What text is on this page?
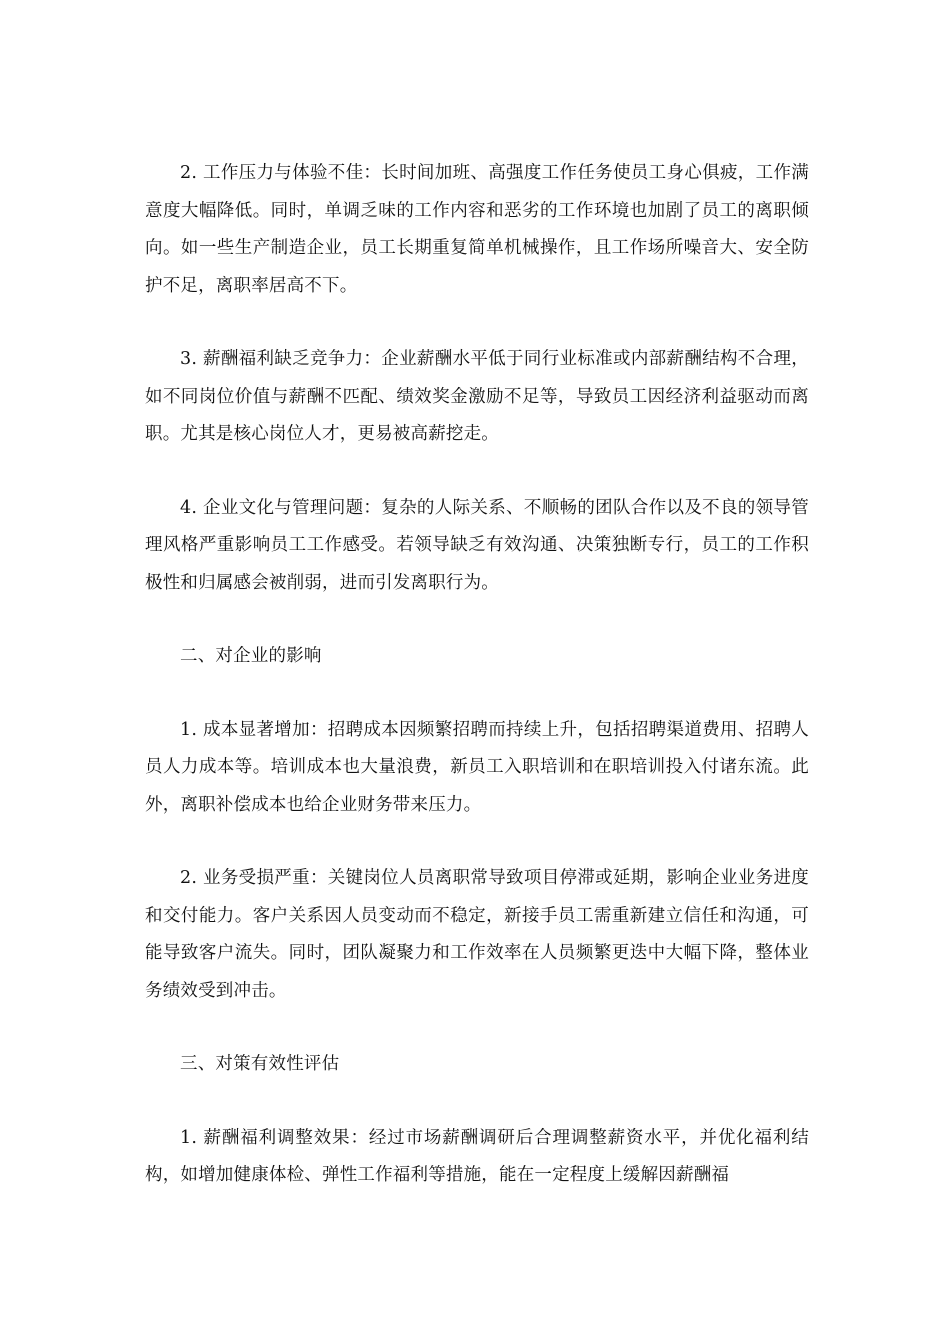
2. 工作压力与体验不佳：长时间加班、高强度工作任务使员工身心俱疲，工作满意度大幅降低。同时，单调乏味的工作内容和恶劣的工作环境也加剧了员工的离职倾向。如一些生产制造企业，员工长期重复简单机械操作，且工作场所噪音大、安全防护不足，离职率居高不下。

3. 薪酬福利缺乏竞争力：企业薪酬水平低于同行业标准或内部薪酬结构不合理，如不同岗位价值与薪酬不匹配、绩效奖金激励不足等，导致员工因经济利益驱动而离职。尤其是核心岗位人才，更易被高薪挖走。

4. 企业文化与管理问题：复杂的人际关系、不顺畅的团队合作以及不良的领导管理风格严重影响员工工作感受。若领导缺乏有效沟通、决策独断专行，员工的工作积极性和归属感会被削弱，进而引发离职行为。

二、对企业的影响

1. 成本显著增加：招聘成本因频繁招聘而持续上升，包括招聘渠道费用、招聘人员人力成本等。培训成本也大量浪费，新员工入职培训和在职培训投入付诸东流。此外，离职补偿成本也给企业财务带来压力。

2. 业务受损严重：关键岗位人员离职常导致项目停滞或延期，影响企业业务进度和交付能力。客户关系因人员变动而不稳定，新接手员工需重新建立信任和沟通，可能导致客户流失。同时，团队凝聚力和工作效率在人员频繁更迭中大幅下降，整体业务绩效受到冲击。

三、对策有效性评估

1. 薪酬福利调整效果：经过市场薪酬调研后合理调整薪资水平，并优化福利结构，如增加健康体检、弹性工作福利等措施，能在一定程度上缓解因薪酬福
